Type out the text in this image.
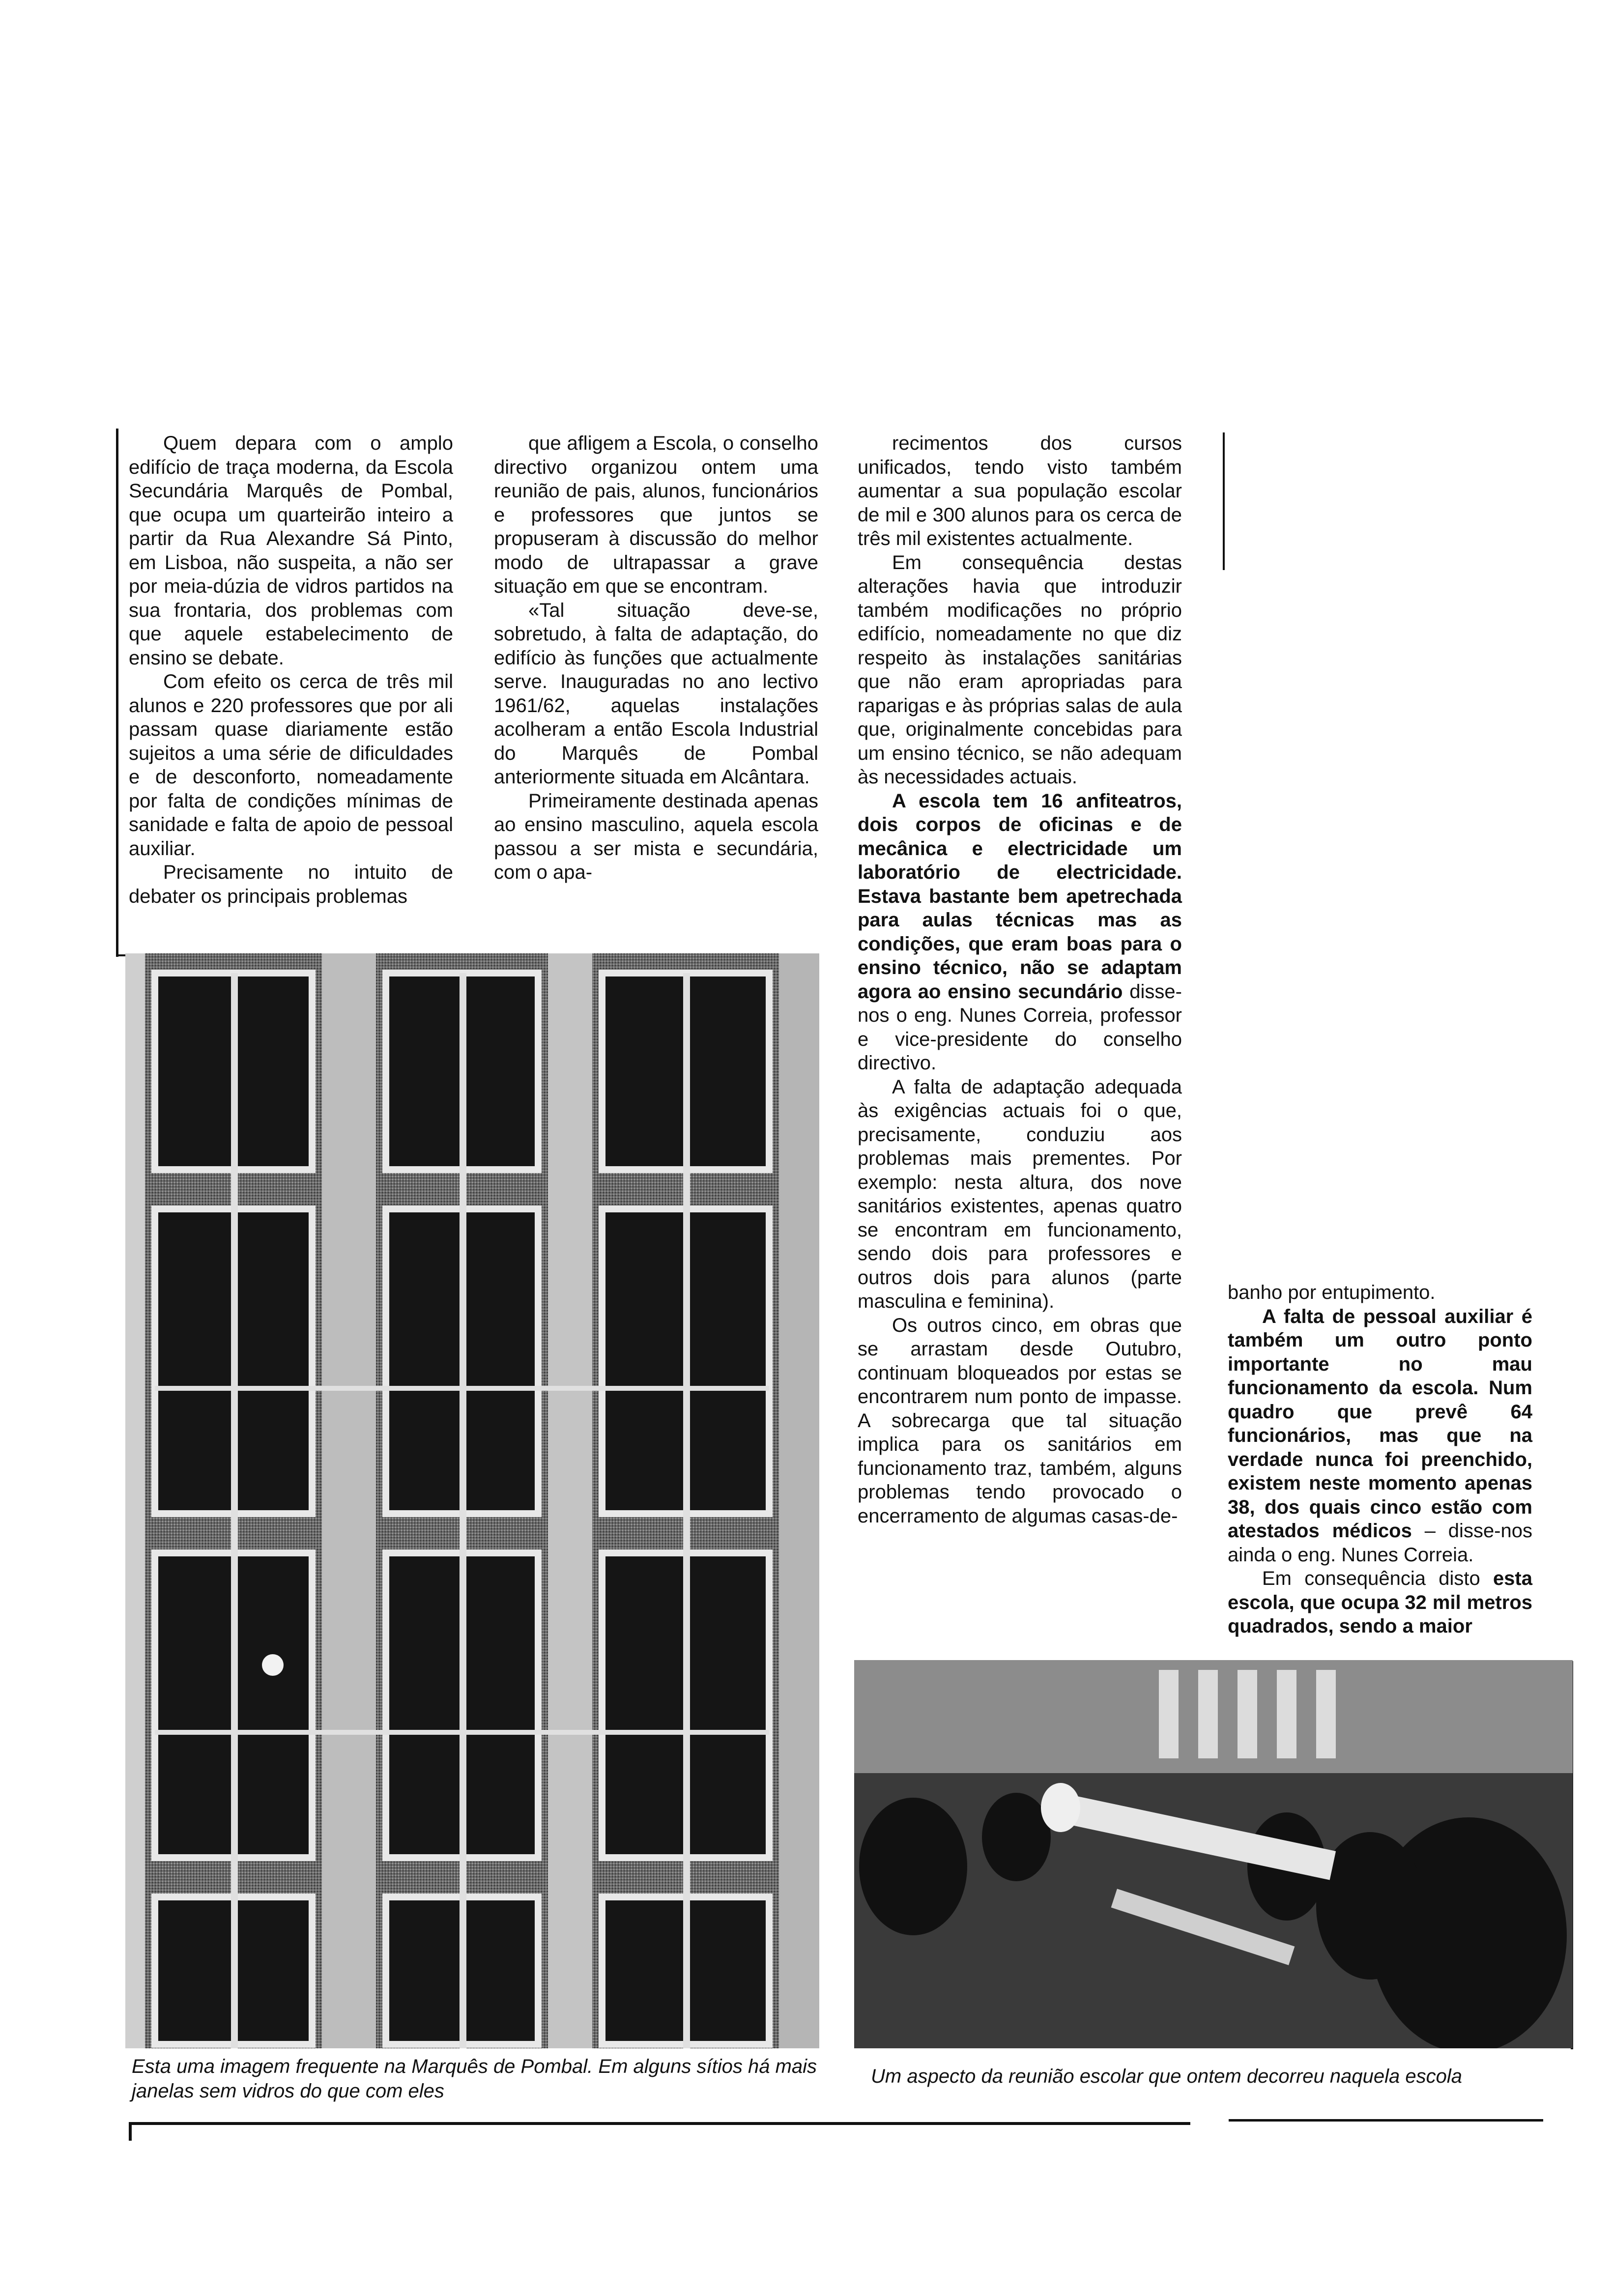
Quem depara com o amplo edifício de traça moderna, da Escola Secundária Marquês de Pombal, que ocupa um quarteirão inteiro a partir da Rua Alexandre Sá Pinto, em Lisboa, não suspeita, a não ser por meia-dúzia de vidros partidos na sua frontaria, dos problemas com que aquele estabelecimento de ensino se debate.

Com efeito os cerca de três mil alunos e 220 professores que por ali passam quase diariamente estão sujeitos a uma série de dificuldades e de desconforto, nomeadamente por falta de condições mínimas de sanidade e falta de apoio de pessoal auxiliar.

Precisamente no intuito de debater os principais problemas

que afligem a Escola, o conselho directivo organizou ontem uma reunião de pais, alunos, funcionários e professores que juntos se propuseram à discussão do melhor modo de ultrapassar a grave situação em que se encontram.

«Tal situação deve-se, sobretudo, à falta de adaptação, do edifício às funções que actualmente serve. Inauguradas no ano lectivo 1961/62, aquelas instalações acolheram a então Escola Industrial do Marquês de Pombal anteriormente situada em Alcântara.

Primeiramente destinada apenas ao ensino masculino, aquela escola passou a ser mista e secundária, com o apa-

recimentos dos cursos unificados, tendo visto também aumentar a sua população escolar de mil e 300 alunos para os cerca de três mil existentes actualmente.

Em consequência destas alterações havia que introduzir também modificações no próprio edifício, nomeadamente no que diz respeito às instalações sanitárias que não eram apropriadas para raparigas e às próprias salas de aula que, originalmente concebidas para um ensino técnico, se não adequam às necessidades actuais.

A escola tem 16 anfiteatros, dois corpos de oficinas e de mecânica e electricidade um laboratório de electricidade. Estava bastante bem apetrechada para aulas técnicas mas as condições, que eram boas para o ensino técnico, não se adaptam agora ao ensino secundário disse-nos o eng. Nunes Correia, professor e vice-presidente do conselho directivo.

A falta de adaptação adequada às exigências actuais foi o que, precisamente, conduziu aos problemas mais prementes. Por exemplo: nesta altura, dos nove sanitários existentes, apenas quatro se encontram em funcionamento, sendo dois para professores e outros dois para alunos (parte masculina e feminina).

Os outros cinco, em obras que se arrastam desde Outubro, continuam bloqueados por estas se encontrarem num ponto de impasse. A sobrecarga que tal situação implica para os sanitários em funcionamento traz, também, alguns problemas tendo provocado o encerramento de algumas casas-de-

banho por entupimento.

A falta de pessoal auxiliar é também um outro ponto importante no mau funcionamento da escola. Num quadro que prevê 64 funcionários, mas que na verdade nunca foi preenchido, existem neste momento apenas 38, dos quais cinco estão com atestados médicos – disse-nos ainda o eng. Nunes Correia.

Em consequência disto esta escola, que ocupa 32 mil metros quadrados, sendo a maior

Esta uma imagem frequente na Marquês de Pombal. Em alguns sítios há mais janelas sem vidros do que com eles
Um aspecto da reunião escolar que ontem decorreu naquela escola
